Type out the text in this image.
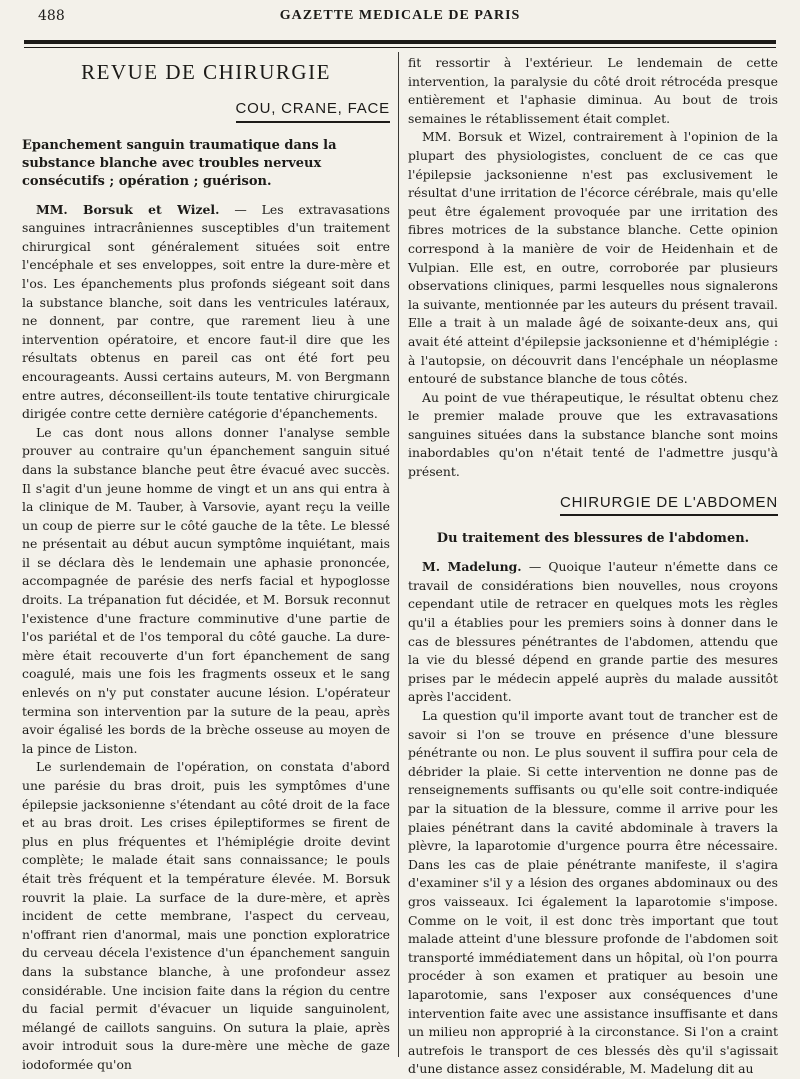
488	GAZETTE MEDICALE DE PARIS
REVUE DE CHIRURGIE
COU, CRANE, FACE
Epanchement sanguin traumatique dans la substance blanche avec troubles nerveux consécutifs ; opération ; guérison.

MM. Borsuk et Wizel. — Les extravasations sanguines intracrâniennes susceptibles d'un traitement chirurgical sont généralement situées soit entre l'encéphale et ses enveloppes, soit entre la dure-mère et l'os. Les épanchements plus profonds siégeant soit dans la substance blanche, soit dans les ventricules latéraux, ne donnent, par contre, que rarement lieu à une intervention opératoire, et encore faut-il dire que les résultats obtenus en pareil cas ont été fort peu encourageants. Aussi certains auteurs, M. von Bergmann entre autres, déconseillent-ils toute tentative chirurgicale dirigée contre cette dernière catégorie d'épanchements.

Le cas dont nous allons donner l'analyse semble prouver au contraire qu'un épanchement sanguin situé dans la substance blanche peut être évacué avec succès. Il s'agit d'un jeune homme de vingt et un ans qui entra à la clinique de M. Tauber, à Varsovie, ayant reçu la veille un coup de pierre sur le côté gauche de la tête. Le blessé ne présentait au début aucun symptôme inquiétant, mais il se déclara dès le lendemain une aphasie prononcée, accompagnée de parésie des nerfs facial et hypoglosse droits. La trépanation fut décidée, et M. Borsuk reconnut l'existence d'une fracture comminutive d'une partie de l'os pariétal et de l'os temporal du côté gauche. La dure-mère était recouverte d'un fort épanchement de sang coagulé, mais une fois les fragments osseux et le sang enlevés on n'y put constater aucune lésion. L'opérateur termina son intervention par la suture de la peau, après avoir égalisé les bords de la brèche osseuse au moyen de la pince de Liston.

Le surlendemain de l'opération, on constata d'abord une parésie du bras droit, puis les symptômes d'une épilepsie jacksonienne s'étendant au côté droit de la face et au bras droit. Les crises épileptiformes se firent de plus en plus fréquentes et l'hémiplégie droite devint complète; le malade était sans connaissance; le pouls était très fréquent et la température élevée. M. Borsuk rouvrit la plaie. La surface de la dure-mère, et après incident de cette membrane, l'aspect du cerveau, n'offrant rien d'anormal, mais une ponction exploratrice du cerveau décela l'existence d'un épanchement sanguin dans la substance blanche, à une profondeur assez considérable. Une incision faite dans la région du centre du facial permit d'évacuer un liquide sanguinolent, mélangé de caillots sanguins. On sutura la plaie, après avoir introduit sous la dure-mère une mèche de gaze iodoformée qu'on

fit ressortir à l'extérieur. Le lendemain de cette intervention, la paralysie du côté droit rétrocéda presque entièrement et l'aphasie diminua. Au bout de trois semaines le rétablissement était complet.

MM. Borsuk et Wizel, contrairement à l'opinion de la plupart des physiologistes, concluent de ce cas que l'épilepsie jacksonienne n'est pas exclusivement le résultat d'une irritation de l'écorce cérébrale, mais qu'elle peut être également provoquée par une irritation des fibres motrices de la substance blanche. Cette opinion correspond à la manière de voir de Heidenhain et de Vulpian. Elle est, en outre, corroborée par plusieurs observations cliniques, parmi lesquelles nous signalerons la suivante, mentionnée par les auteurs du présent travail. Elle a trait à un malade âgé de soixante-deux ans, qui avait été atteint d'épilepsie jacksonienne et d'hémiplégie : à l'autopsie, on découvrit dans l'encéphale un néoplasme entouré de substance blanche de tous côtés.

Au point de vue thérapeutique, le résultat obtenu chez le premier malade prouve que les extravasations sanguines situées dans la substance blanche sont moins inabordables qu'on n'était tenté de l'admettre jusqu'à présent.

CHIRURGIE DE L'ABDOMEN
Du traitement des blessures de l'abdomen.

M. Madelung. — Quoique l'auteur n'émette dans ce travail de considérations bien nouvelles, nous croyons cependant utile de retracer en quelques mots les règles qu'il a établies pour les premiers soins à donner dans le cas de blessures pénétrantes de l'abdomen, attendu que la vie du blessé dépend en grande partie des mesures prises par le médecin appelé auprès du malade aussitôt après l'accident.

La question qu'il importe avant tout de trancher est de savoir si l'on se trouve en présence d'une blessure pénétrante ou non. Le plus souvent il suffira pour cela de débrider la plaie. Si cette intervention ne donne pas de renseignements suffisants ou qu'elle soit contre-indiquée par la situation de la blessure, comme il arrive pour les plaies pénétrant dans la cavité abdominale à travers la plèvre, la laparotomie d'urgence pourra être nécessaire. Dans les cas de plaie pénétrante manifeste, il s'agira d'examiner s'il y a lésion des organes abdominaux ou des gros vaisseaux. Ici également la laparotomie s'impose. Comme on le voit, il est donc très important que tout malade atteint d'une blessure profonde de l'abdomen soit transporté immédiatement dans un hôpital, où l'on pourra procéder à son examen et pratiquer au besoin une laparotomie, sans l'exposer aux conséquences d'une intervention faite avec une assistance insuffisante et dans un milieu non approprié à la circonstance. Si l'on a craint autrefois le transport de ces blessés dès qu'il s'agissait d'une distance assez considérable, M. Madelung dit au
